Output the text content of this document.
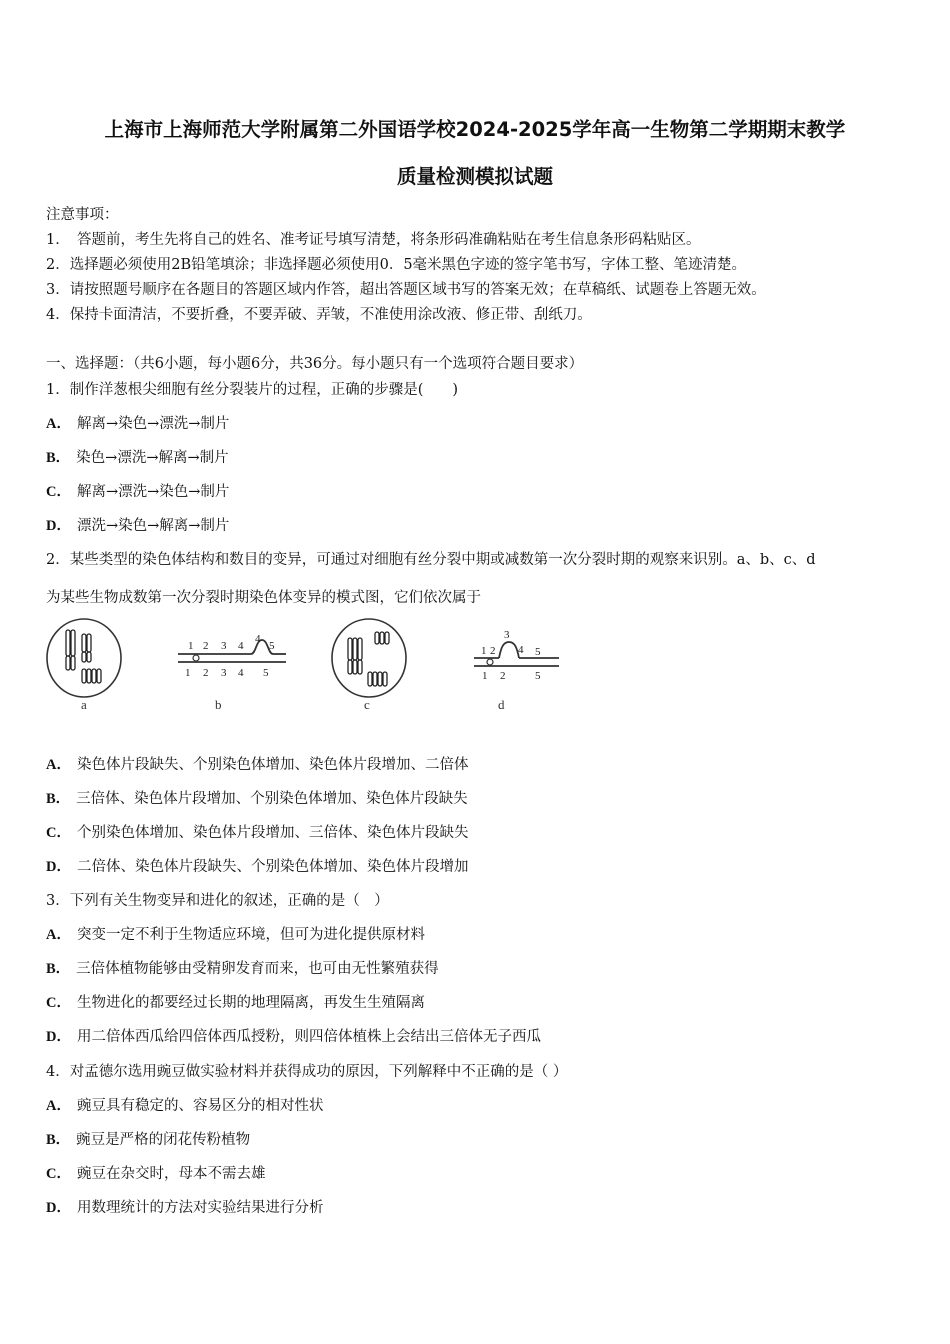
上海市上海师范大学附属第二外国语学校2024-2025学年高一生物第二学期期末教学
质量检测模拟试题
注意事项：
1．　答题前，考生先将自己的姓名、准考证号填写清楚，将条形码准确粘贴在考生信息条形码粘贴区。
2．选择题必须使用2B铅笔填涂；非选择题必须使用0．5毫米黑色字迹的签字笔书写，字体工整、笔迹清楚。
3．请按照题号顺序在各题目的答题区域内作答，超出答题区域书写的答案无效；在草稿纸、试题卷上答题无效。
4．保持卡面清洁，不要折叠，不要弄破、弄皱，不准使用涂改液、修正带、刮纸刀。
一、选择题：（共6小题，每小题6分，共36分。每小题只有一个选项符合题目要求）
1．制作洋葱根尖细胞有丝分裂装片的过程，正确的步骤是(　　)
A． 解离→染色→漂洗→制片
B． 染色→漂洗→解离→制片
C． 解离→漂洗→染色→制片
D． 漂洗→染色→解离→制片
2．某些类型的染色体结构和数目的变异，可通过对细胞有丝分裂中期或减数第一次分裂时期的观察来识别。a、b、c、d
为某些生物成数第一次分裂时期染色体变异的模式图，它们依次属于
a
1 2 3 4
4
5
1 2 3 4 5
b	c
1 2
3
4 5
1 2	5
d
A． 染色体片段缺失、个别染色体增加、染色体片段增加、二倍体
B． 三倍体、染色体片段增加、个别染色体增加、染色体片段缺失
C． 个别染色体增加、染色体片段增加、三倍体、染色体片段缺失
D． 二倍体、染色体片段缺失、个别染色体增加、染色体片段增加
3．下列有关生物变异和进化的叙述，正确的是（　）
A． 突变一定不利于生物适应环境，但可为进化提供原材料
B． 三倍体植物能够由受精卵发育而来，也可由无性繁殖获得
C． 生物进化的都要经过长期的地理隔离，再发生生殖隔离
D． 用二倍体西瓜给四倍体西瓜授粉，则四倍体植株上会结出三倍体无子西瓜
4．对孟德尔选用豌豆做实验材料并获得成功的原因，下列解释中不正确的是（ ）
A． 豌豆具有稳定的、容易区分的相对性状
B． 豌豆是严格的闭花传粉植物
C． 豌豆在杂交时，母本不需去雄
D． 用数理统计的方法对实验结果进行分析
